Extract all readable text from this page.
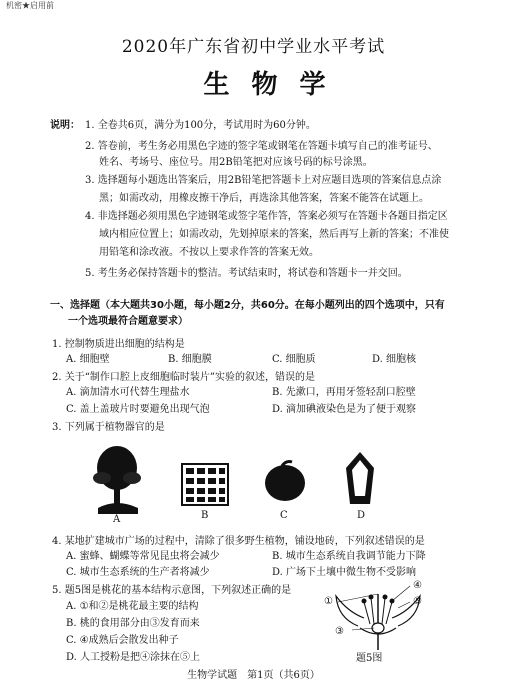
机密★启用前
2020年广东省初中学业水平考试
生物学
说明： 1. 全卷共6页，满分为100分，考试用时为60分钟。
2. 答卷前，考生务必用黑色字迹的签字笔或钢笔在答题卡填写自己的准考证号、
姓名、考场号、座位号。用2B铅笔把对应该号码的标号涂黑。
3. 选择题每小题选出答案后，用2B铅笔把答题卡上对应题目选项的答案信息点涂
黑；如需改动，用橡皮擦干净后，再选涂其他答案，答案不能答在试题上。
4. 非选择题必须用黑色字迹钢笔或签字笔作答，答案必须写在答题卡各题目指定区
域内相应位置上；如需改动，先划掉原来的答案，然后再写上新的答案；不准使
用铅笔和涂改液。不按以上要求作答的答案无效。
5. 考生务必保持答题卡的整洁。考试结束时，将试卷和答题卡一并交回。
一、选择题（本大题共30小题，每小题2分，共60分。在每小题列出的四个选项中，只有
一个选项最符合题意要求）
1. 控制物质进出细胞的结构是
A. 细胞壁	B. 细胞膜	C. 细胞质	D. 细胞核
2. 关于“制作口腔上皮细胞临时装片”实验的叙述，错误的是
A. 滴加清水可代替生理盐水	B. 先漱口，再用牙签轻刮口腔壁
C. 盖上盖玻片时要避免出现气泡	D. 滴加碘液染色是为了便于观察
3. 下列属于植物器官的是
A	B	C	D
4. 某地扩建城市广场的过程中，清除了很多野生植物，铺设地砖，下列叙述错误的是
A. 蜜蜂、蝴蝶等常见昆虫将会减少	B. 城市生态系统自我调节能力下降
C. 城市生态系统的生产者将减少	D. 广场下土壤中微生物不受影响
5. 题5图是桃花的基本结构示意图，下列叙述正确的是
A. ①和②是桃花最主要的结构
B. 桃的食用部分由③发育而来
C. ④成熟后会散发出种子
D. 人工授粉是把④涂抹在⑤上
④
⑤
①
③
题5图
生物学试题　第1页（共6页）
